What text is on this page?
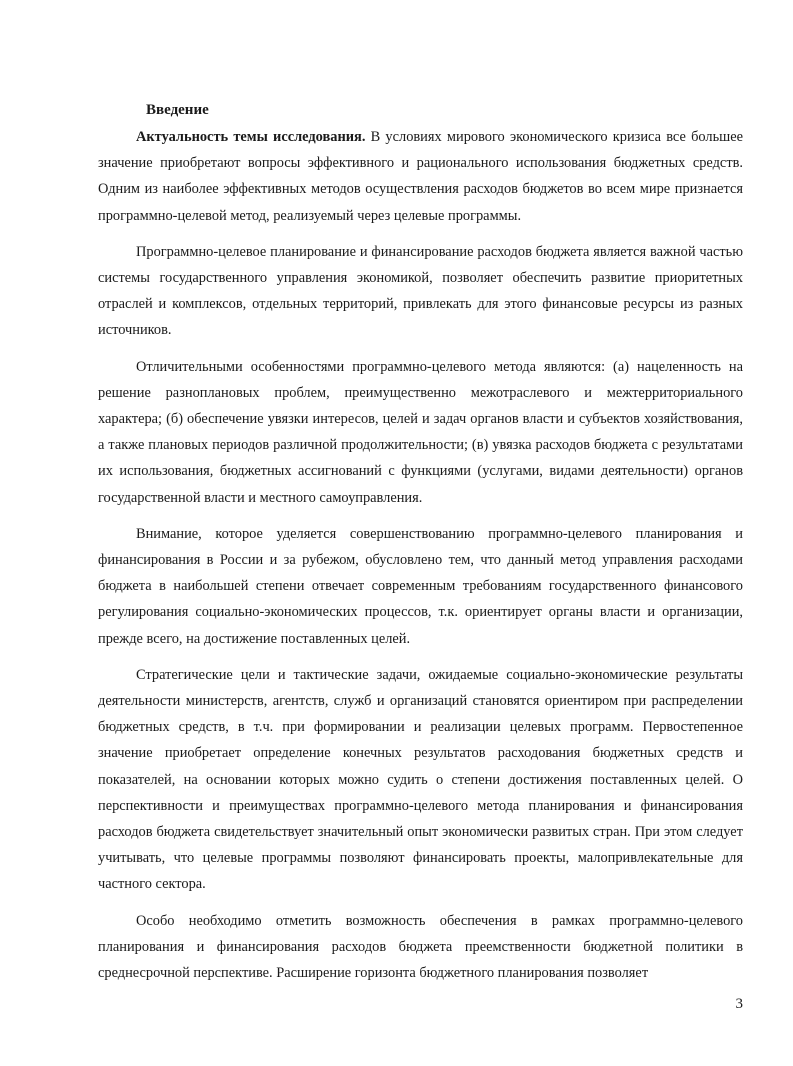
Введение

Актуальность темы исследования. В условиях мирового экономического кризиса все большее значение приобретают вопросы эффективного и рационального использования бюджетных средств. Одним из наиболее эффективных методов осуществления расходов бюджетов во всем мире признается программно-целевой метод, реализуемый через целевые программы.

Программно-целевое планирование и финансирование расходов бюджета является важной частью системы государственного управления экономикой, позволяет обеспечить развитие приоритетных отраслей и комплексов, отдельных территорий, привлекать для этого финансовые ресурсы из разных источников.

Отличительными особенностями программно-целевого метода являются: (а) нацеленность на решение разноплановых проблем, преимущественно межотраслевого и межтерриториального характера; (б) обеспечение увязки интересов, целей и задач органов власти и субъектов хозяйствования, а также плановых периодов различной продолжительности; (в) увязка расходов бюджета с результатами их использования, бюджетных ассигнований с функциями (услугами, видами деятельности) органов государственной власти и местного самоуправления.

Внимание, которое уделяется совершенствованию программно-целевого планирования и финансирования в России и за рубежом, обусловлено тем, что данный метод управления расходами бюджета в наибольшей степени отвечает современным требованиям государственного финансового регулирования социально-экономических процессов, т.к. ориентирует органы власти и организации, прежде всего, на достижение поставленных целей.

Стратегические цели и тактические задачи, ожидаемые социально-экономические результаты деятельности министерств, агентств, служб и организаций становятся ориентиром при распределении бюджетных средств, в т.ч. при формировании и реализации целевых программ. Первостепенное значение приобретает определение конечных результатов расходования бюджетных средств и показателей, на основании которых можно судить о степени достижения поставленных целей. О перспективности и преимуществах программно-целевого метода планирования и финансирования расходов бюджета свидетельствует значительный опыт экономически развитых стран. При этом следует учитывать, что целевые программы позволяют финансировать проекты, малопривлекательные для частного сектора.

Особо необходимо отметить возможность обеспечения в рамках программно-целевого планирования и финансирования расходов бюджета преемственности бюджетной политики в среднесрочной перспективе. Расширение горизонта бюджетного планирования позволяет

3
